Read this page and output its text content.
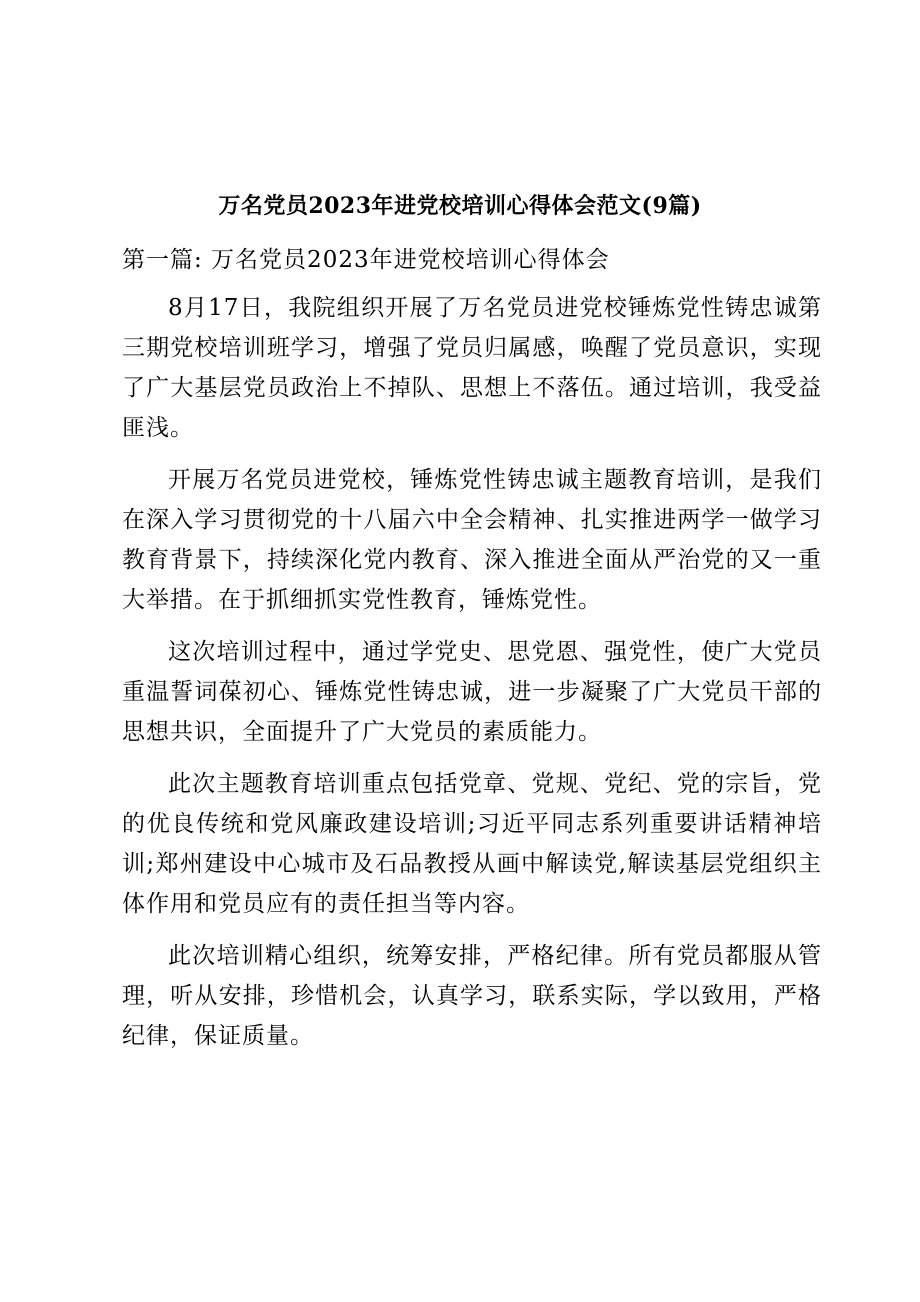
万名党员2023年进党校培训心得体会范文(9篇)

第一篇: 万名党员2023年进党校培训心得体会

8月17日，我院组织开展了万名党员进党校锤炼党性铸忠诚第三期党校培训班学习，增强了党员归属感，唤醒了党员意识，实现了广大基层党员政治上不掉队、思想上不落伍。通过培训，我受益匪浅。

开展万名党员进党校，锤炼党性铸忠诚主题教育培训，是我们在深入学习贯彻党的十八届六中全会精神、扎实推进两学一做学习教育背景下，持续深化党内教育、深入推进全面从严治党的又一重大举措。在于抓细抓实党性教育，锤炼党性。

这次培训过程中，通过学党史、思党恩、强党性，使广大党员重温誓词葆初心、锤炼党性铸忠诚，进一步凝聚了广大党员干部的思想共识，全面提升了广大党员的素质能力。

此次主题教育培训重点包括党章、党规、党纪、党的宗旨，党的优良传统和党风廉政建设培训;习近平同志系列重要讲话精神培训;郑州建设中心城市及石品教授从画中解读党,解读基层党组织主体作用和党员应有的责任担当等内容。

此次培训精心组织，统筹安排，严格纪律。所有党员都服从管理，听从安排，珍惜机会，认真学习，联系实际，学以致用，严格纪律，保证质量。
